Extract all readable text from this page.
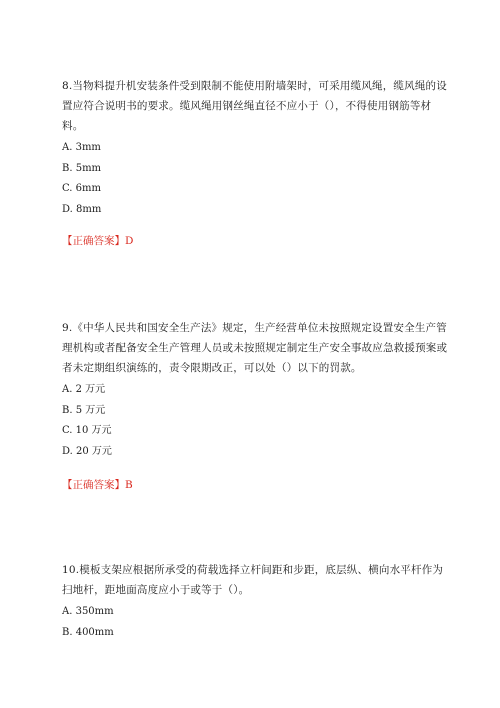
8.当物料提升机安装条件受到限制不能使用附墙架时，可采用缆风绳，缆风绳的设置应符合说明书的要求。缆风绳用钢丝绳直径不应小于（），不得使用钢筋等材料。

A. 3mm

B. 5mm

C. 6mm

D. 8mm

【正确答案】D

9.《中华人民共和国安全生产法》规定，生产经营单位未按照规定设置安全生产管理机构或者配备安全生产管理人员或未按照规定制定生产安全事故应急救援预案或者未定期组织演练的，责令限期改正，可以处（）以下的罚款。

A. 2 万元

B. 5 万元

C. 10 万元

D. 20 万元

【正确答案】B

10.模板支架应根据所承受的荷载选择立杆间距和步距，底层纵、横向水平杆作为扫地杆，距地面高度应小于或等于（）。

A. 350mm

B. 400mm
